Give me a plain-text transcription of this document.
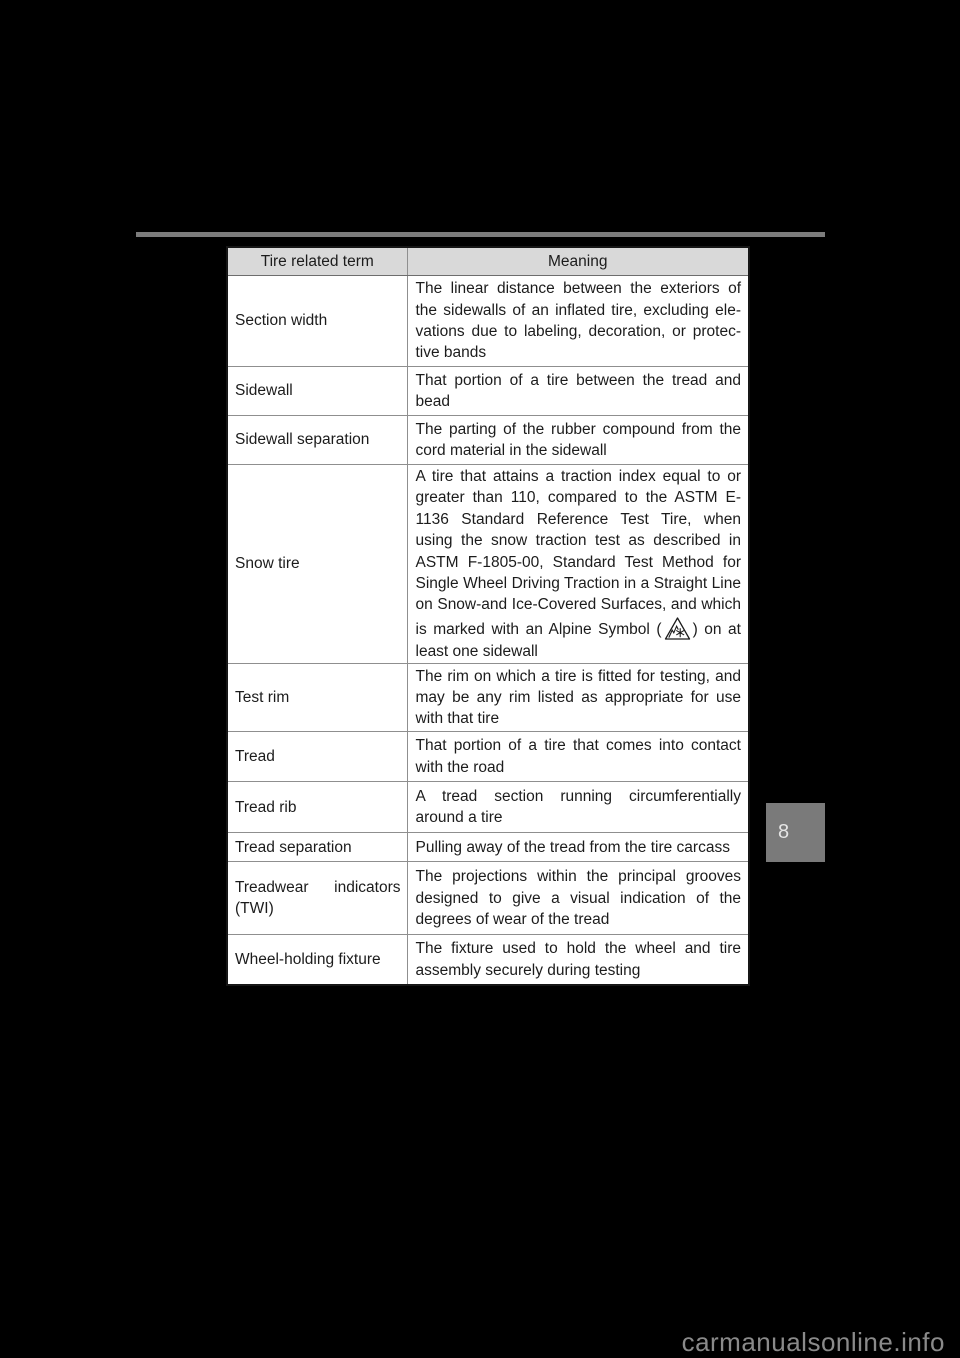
Tire related term	Meaning
Section width	The linear distance between the exteriors of the sidewalls of an inflated tire, excluding elevations due to labeling, decoration, or protective bands
Sidewall	That portion of a tire between the tread and bead
Sidewall separation	The parting of the rubber compound from the cord material in the sidewall
Snow tire	A tire that attains a traction index equal to or greater than 110, compared to the ASTM E-1136 Standard Reference Test Tire, when using the snow traction test as described in ASTM F-1805-00, Standard Test Method for Single Wheel Driving Traction in a Straight Line on Snow-and Ice-Covered Surfaces, and which is marked with an Alpine Symbol ( ) on at least one sidewall
Test rim	The rim on which a tire is fitted for testing, and may be any rim listed as appropriate for use with that tire
Tread	That portion of a tire that comes into contact with the road
Tread rib	A tread section running circumferentially around a tire
Tread separation	Pulling away of the tread from the tire carcass
Treadwear indicators (TWI)	The projections within the principal grooves designed to give a visual indication of the degrees of wear of the tread
Wheel-holding fixture	The fixture used to hold the wheel and tire assembly securely during testing
8
carmanualsonline.info
